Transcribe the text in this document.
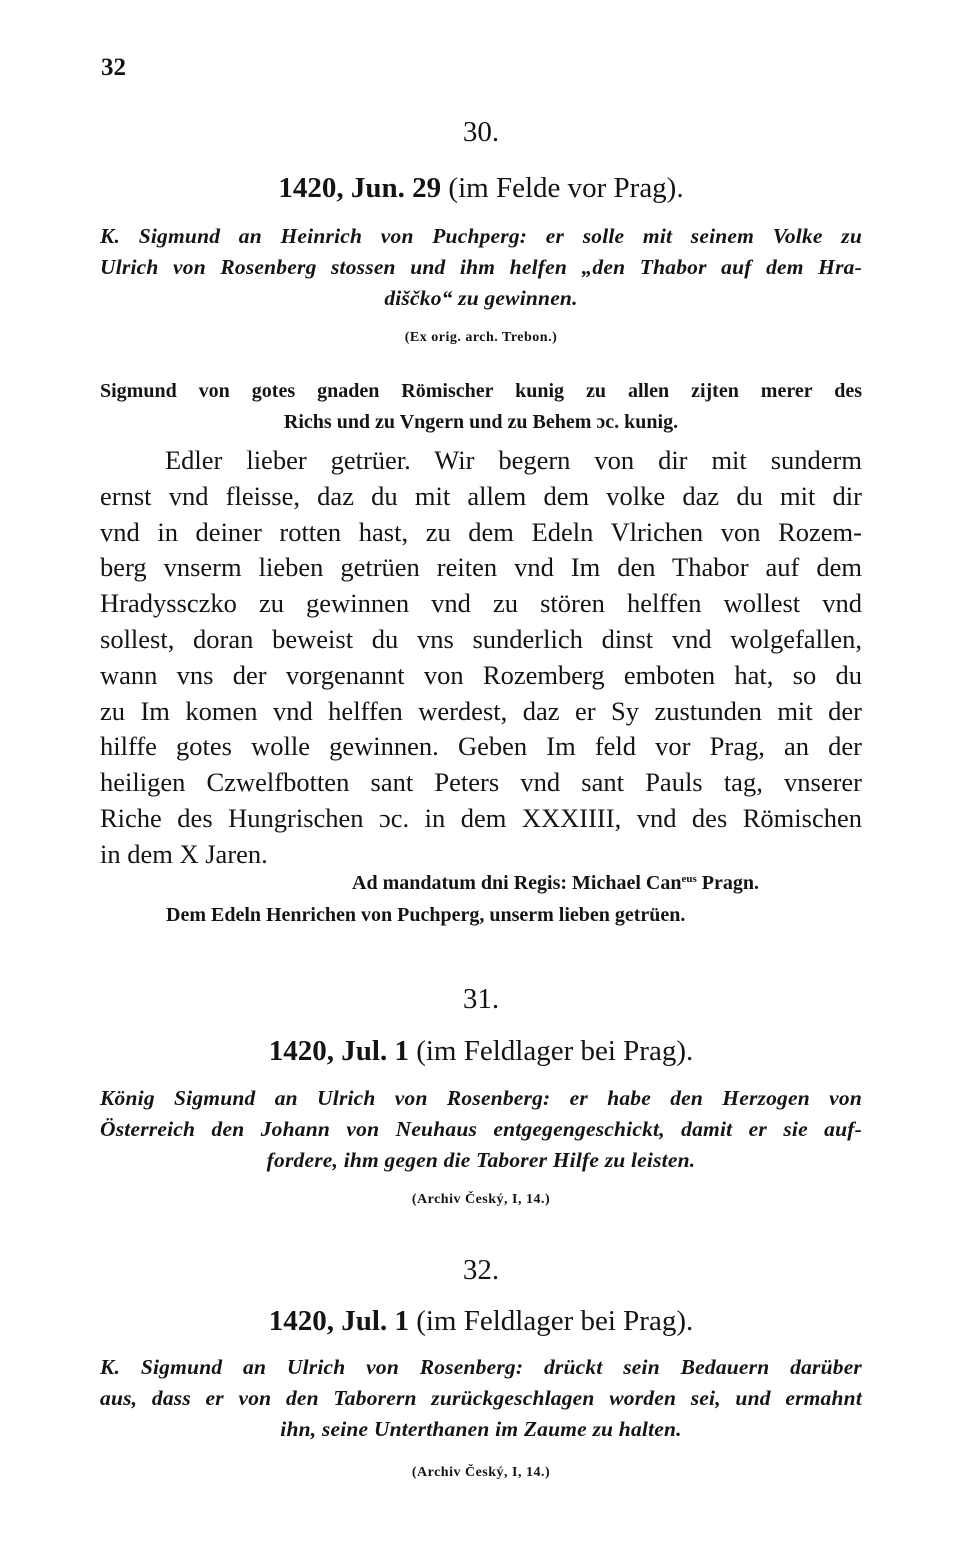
32
30.
1420, Jun. 29 (im Felde vor Prag).
K. Sigmund an Heinrich von Puchperg: er solle mit seinem Volke zu
Ulrich von Rosenberg stossen und ihm helfen „den Thabor auf dem Hra-
diščko“ zu gewinnen.
(Ex orig. arch. Trebon.)
Sigmund von gotes gnaden Römischer kunig zu allen zijten merer des
Richs und zu Vngern und zu Behem ɔc. kunig.
Edler lieber getrüer. Wir begern von dir mit sunderm
ernst vnd fleisse, daz du mit allem dem volke daz du mit dir
vnd in deiner rotten hast, zu dem Edeln Vlrichen von Rozem-
berg vnserm lieben getrüen reiten vnd Im den Thabor auf dem
Hradyssczko zu gewinnen vnd zu stören helffen wollest vnd
sollest, doran beweist du vns sunderlich dinst vnd wolgefallen,
wann vns der vorgenannt von Rozemberg emboten hat, so du
zu Im komen vnd helffen werdest, daz er Sy zustunden mit der
hilffe gotes wolle gewinnen. Geben Im feld vor Prag, an der
heiligen Czwelfbotten sant Peters vnd sant Pauls tag, vnserer
Riche des Hungrischen ɔc. in dem XXXIIII, vnd des Römischen
in dem X Jaren.
Ad mandatum dni Regis: Michael Can$^{eus}$ Pragn.
Dem Edeln Henrichen von Puchperg, unserm lieben getrüen.
31.
1420, Jul. 1 (im Feldlager bei Prag).
König Sigmund an Ulrich von Rosenberg: er habe den Herzogen von
Österreich den Johann von Neuhaus entgegengeschickt, damit er sie auf-
fordere, ihm gegen die Taborer Hilfe zu leisten.
(Archiv Český, I, 14.)
32.
1420, Jul. 1 (im Feldlager bei Prag).
K. Sigmund an Ulrich von Rosenberg: drückt sein Bedauern darüber
aus, dass er von den Taborern zurückgeschlagen worden sei, und ermahnt
ihn, seine Unterthanen im Zaume zu halten.
(Archiv Český, I, 14.)
